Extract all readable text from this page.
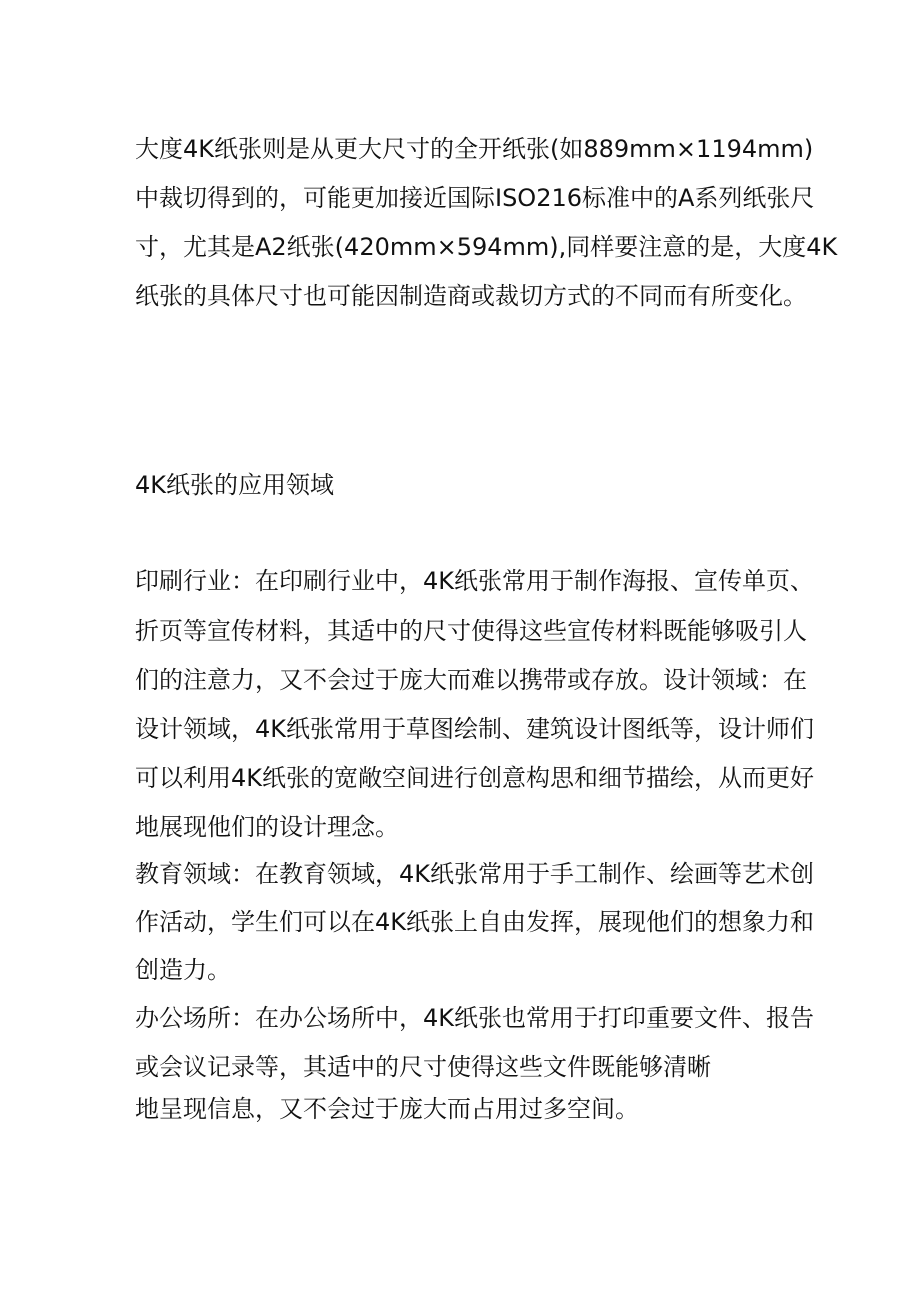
大度4K纸张则是从更大尺寸的全开纸张(如889mm×1194mm)
中裁切得到的，可能更加接近国际ISO216标准中的A系列纸张尺
寸，尤其是A2纸张(420mm×594mm),同样要注意的是，大度4K
纸张的具体尺寸也可能因制造商或裁切方式的不同而有所变化。
4K纸张的应用领域
印刷行业：在印刷行业中，4K纸张常用于制作海报、宣传单页、
折页等宣传材料，其适中的尺寸使得这些宣传材料既能够吸引人
们的注意力，又不会过于庞大而难以携带或存放。设计领域：在
设计领域，4K纸张常用于草图绘制、建筑设计图纸等，设计师们
可以利用4K纸张的宽敞空间进行创意构思和细节描绘，从而更好
地展现他们的设计理念。
教育领域：在教育领域，4K纸张常用于手工制作、绘画等艺术创
作活动，学生们可以在4K纸张上自由发挥，展现他们的想象力和
创造力。
办公场所：在办公场所中，4K纸张也常用于打印重要文件、报告
或会议记录等，其适中的尺寸使得这些文件既能够清晰
地呈现信息，又不会过于庞大而占用过多空间。
